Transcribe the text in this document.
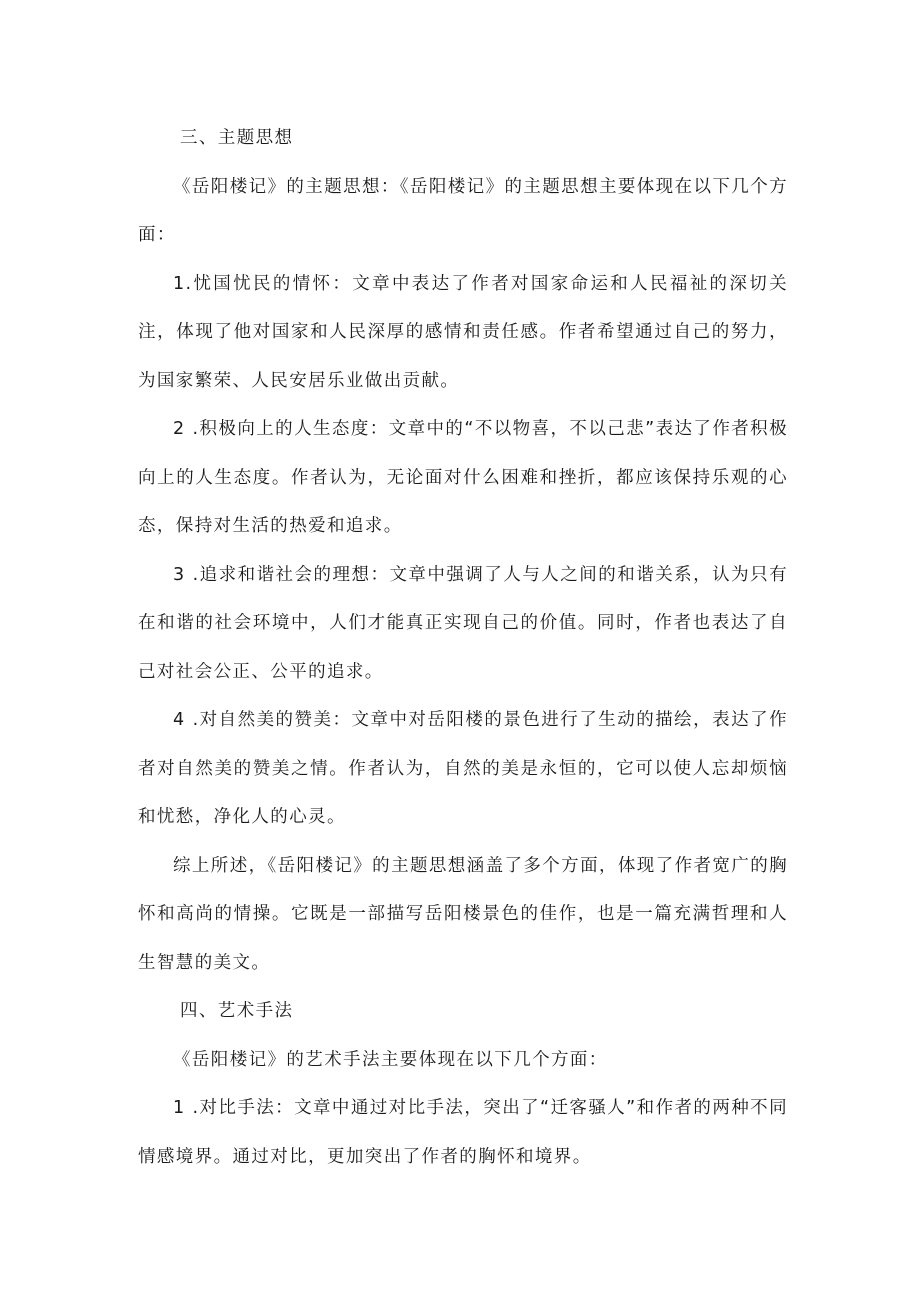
三、主题思想

《岳阳楼记》的主题思想：《岳阳楼记》的主题思想主要体现在以下几个方面：

1.忧国忧民的情怀：文章中表达了作者对国家命运和人民福祉的深切关注，体现了他对国家和人民深厚的感情和责任感。作者希望通过自己的努力，为国家繁荣、人民安居乐业做出贡献。

2 .积极向上的人生态度：文章中的“不以物喜，不以己悲”表达了作者积极向上的人生态度。作者认为，无论面对什么困难和挫折，都应该保持乐观的心态，保持对生活的热爱和追求。

3 .追求和谐社会的理想：文章中强调了人与人之间的和谐关系，认为只有在和谐的社会环境中，人们才能真正实现自己的价值。同时，作者也表达了自己对社会公正、公平的追求。

4 .对自然美的赞美：文章中对岳阳楼的景色进行了生动的描绘，表达了作者对自然美的赞美之情。作者认为，自然的美是永恒的，它可以使人忘却烦恼和忧愁，净化人的心灵。

综上所述，《岳阳楼记》的主题思想涵盖了多个方面，体现了作者宽广的胸怀和高尚的情操。它既是一部描写岳阳楼景色的佳作，也是一篇充满哲理和人生智慧的美文。

四、艺术手法

《岳阳楼记》的艺术手法主要体现在以下几个方面：

1 .对比手法：文章中通过对比手法，突出了“迁客骚人”和作者的两种不同情感境界。通过对比，更加突出了作者的胸怀和境界。
